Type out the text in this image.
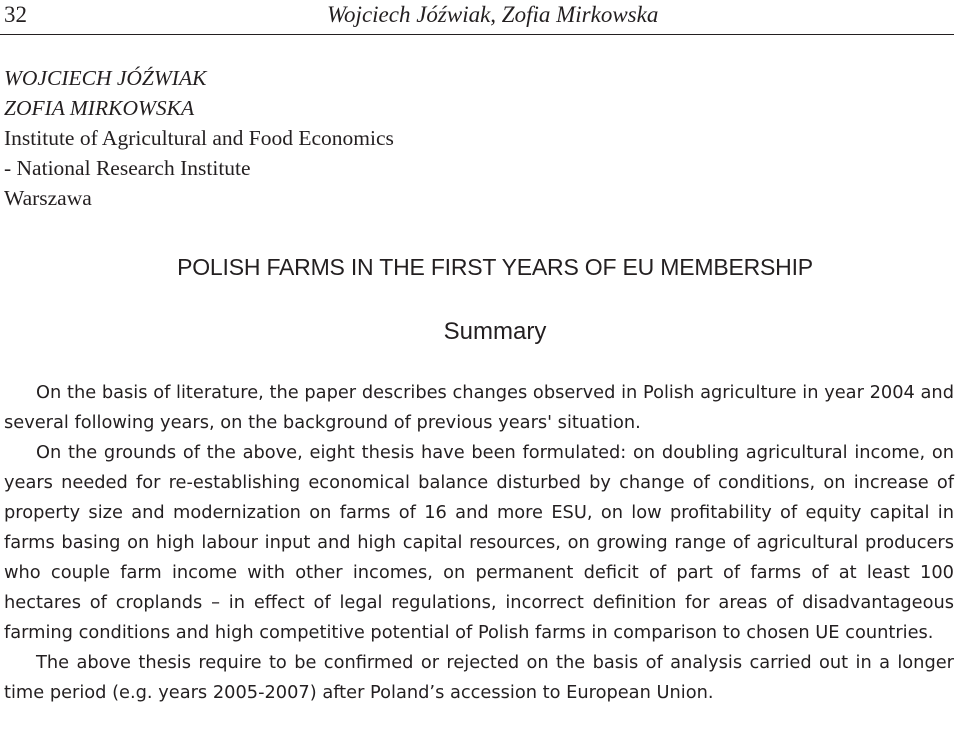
32	Wojciech Jóźwiak, Zofia Mirkowska
WOJCIECH JÓŹWIAK
ZOFIA MIRKOWSKA
Institute of Agricultural and Food Economics
- National Research Institute
Warszawa
POLISH FARMS IN THE FIRST YEARS OF EU MEMBERSHIP
Summary

On the basis of literature, the paper describes changes observed in Polish agriculture in year 2004 and several following years, on the background of previous years' situation.

On the grounds of the above, eight thesis have been formulated: on doubling agricultural income, on years needed for re-establishing economical balance disturbed by change of conditions, on increase of property size and modernization on farms of 16 and more ESU, on low profitability of equity capital in farms basing on high labour input and high capital resources, on growing range of agricultural producers who couple farm income with other incomes, on permanent deficit of part of farms of at least 100 hectares of croplands – in effect of legal regulations, incorrect definition for areas of disadvantageous farming conditions and high competitive potential of Polish farms in comparison to chosen UE countries.

The above thesis require to be confirmed or rejected on the basis of analysis carried out in a longer time period (e.g. years 2005-2007) after Poland’s accession to European Union.
